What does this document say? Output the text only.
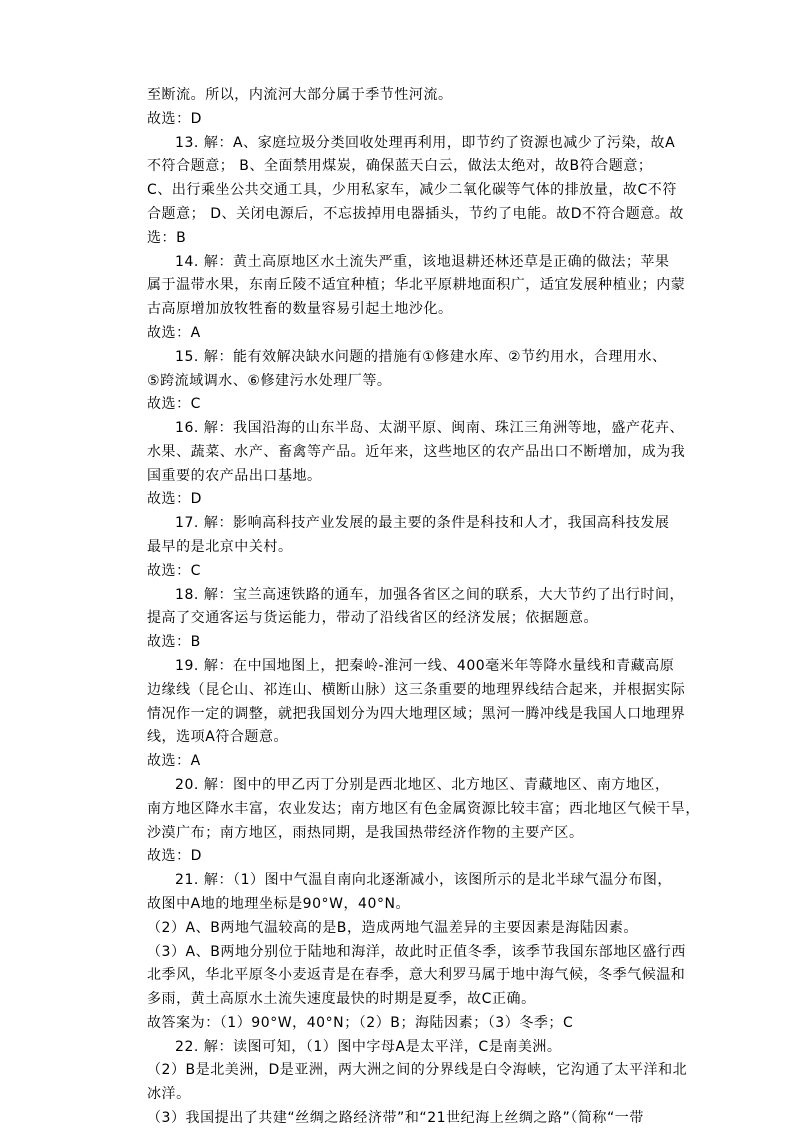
至断流。所以，内流河大部分属于季节性河流。
故选：D
13. 解：A、家庭垃圾分类回收处理再利用，即节约了资源也减少了污染，故A
不符合题意； B、全面禁用煤炭，确保蓝天白云，做法太绝对，故B符合题意；
C、出行乘坐公共交通工具，少用私家车，减少二氧化碳等气体的排放量，故C不符
合题意； D、关闭电源后，不忘拔掉用电器插头，节约了电能。故D不符合题意。故
选：B
14. 解：黄土高原地区水土流失严重，该地退耕还林还草是正确的做法；苹果
属于温带水果，东南丘陵不适宜种植；华北平原耕地面积广，适宜发展种植业；内蒙
古高原增加放牧牲畜的数量容易引起土地沙化。
故选：A
15. 解：能有效解决缺水问题的措施有①修建水库、②节约用水，合理用水、
⑤跨流域调水、⑥修建污水处理厂等。
故选：C
16. 解：我国沿海的山东半岛、太湖平原、闽南、珠江三角洲等地，盛产花卉、
水果、蔬菜、水产、畜禽等产品。近年来，这些地区的农产品出口不断增加，成为我
国重要的农产品出口基地。
故选：D
17. 解：影响高科技产业发展的最主要的条件是科技和人才，我国高科技发展
最早的是北京中关村。
故选：C
18. 解：宝兰高速铁路的通车，加强各省区之间的联系，大大节约了出行时间，
提高了交通客运与货运能力，带动了沿线省区的经济发展；依据题意。
故选：B
19. 解：在中国地图上，把秦岭-淮河一线、400毫米年等降水量线和青藏高原
边缘线（昆仑山、祁连山、横断山脉）这三条重要的地理界线结合起来，并根据实际
情况作一定的调整，就把我国划分为四大地理区域；黑河一腾冲线是我国人口地理界
线，选项A符合题意。
故选：A
20. 解：图中的甲乙丙丁分别是西北地区、北方地区、青藏地区、南方地区，
南方地区降水丰富，农业发达；南方地区有色金属资源比较丰富；西北地区气候干旱，
沙漠广布；南方地区，雨热同期，是我国热带经济作物的主要产区。
故选：D
21. 解：（1）图中气温自南向北逐渐减小，该图所示的是北半球气温分布图，
故图中A地的地理坐标是90°W，40°N。
（2）A、B两地气温较高的是B，造成两地气温差异的主要因素是海陆因素。
（3）A、B两地分别位于陆地和海洋，故此时正值冬季，该季节我国东部地区盛行西
北季风，华北平原冬小麦返青是在春季，意大利罗马属于地中海气候，冬季气候温和
多雨，黄土高原水土流失速度最快的时期是夏季，故C正确。
故答案为：（1）90°W，40°N；（2）B；海陆因素；（3）冬季；C
22. 解：读图可知，（1）图中字母A是太平洋，C是南美洲。
（2）B是北美洲，D是亚洲，两大洲之间的分界线是白令海峡，它沟通了太平洋和北
冰洋。
（3）我国提出了共建“丝绸之路经济带”和“21世纪海上丝绸之路”（简称“一带
